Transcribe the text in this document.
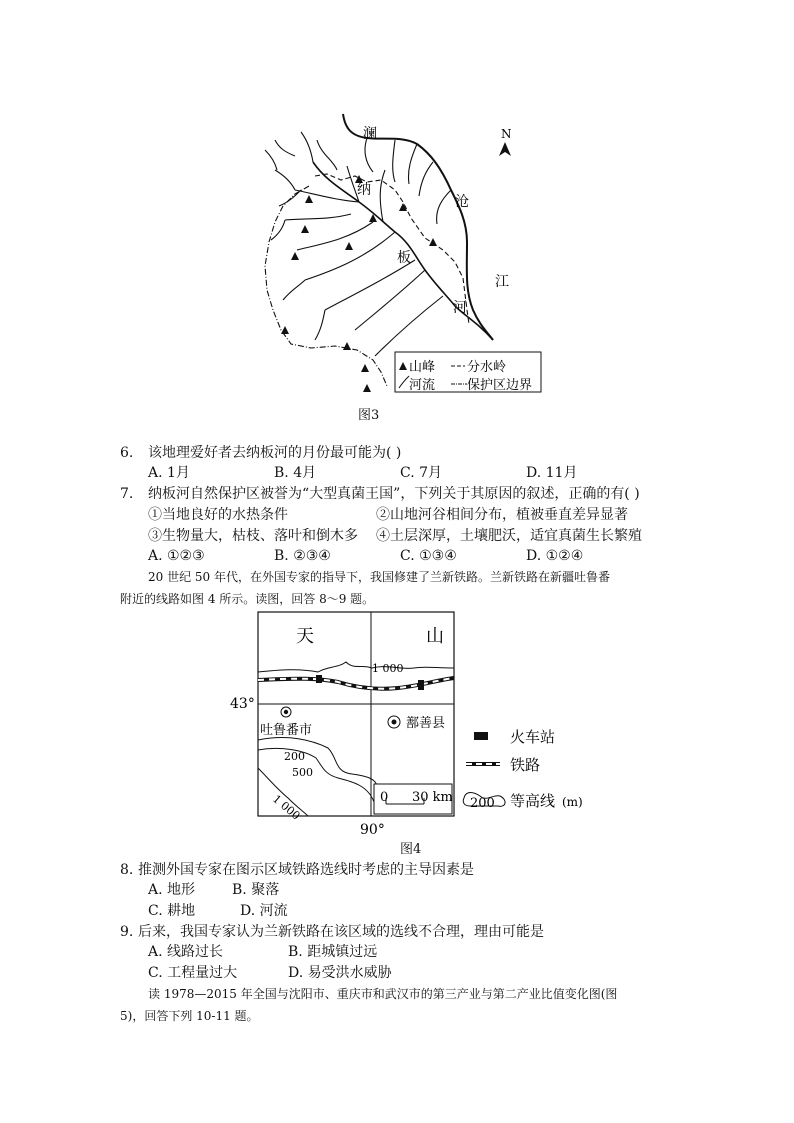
N
澜
沧
江
纳
板
河
山峰 分水岭
河流 保护区边界
图3
6. 该地理爱好者去纳板河的月份最可能为( )
A. 1月	B. 4月	C. 7月	D. 11月
7. 纳板河自然保护区被誉为“大型真菌王国”，下列关于其原因的叙述，正确的有( )
①当地良好的水热条件	②山地河谷相间分布，植被垂直差异显著
③生物量大，枯枝、落叶和倒木多 ④土层深厚，土壤肥沃，适宜真菌生长繁殖
A. ①②③	B. ②③④	C. ①③④	D. ①②④
20 世纪 50 年代，在外国专家的指导下，我国修建了兰新铁路。兰新铁路在新疆吐鲁番
附近的线路如图 4 所示。读图，回答 8～9 题。
天	山
1 000
200
500
1 000
吐鲁番市	鄯善县
0 30 km
43°
90°
火车站
铁路
200 等高线 (m)
图4
8. 推测外国专家在图示区域铁路选线时考虑的主导因素是
A. 地形	B. 聚落
C. 耕地	D. 河流
9. 后来，我国专家认为兰新铁路在该区域的选线不合理，理由可能是
A. 线路过长	B. 距城镇过远
C. 工程量过大	D. 易受洪水威胁
读 1978—2015 年全国与沈阳市、重庆市和武汉市的第三产业与第二产业比值变化图(图
5)，回答下列 10-11 题。
